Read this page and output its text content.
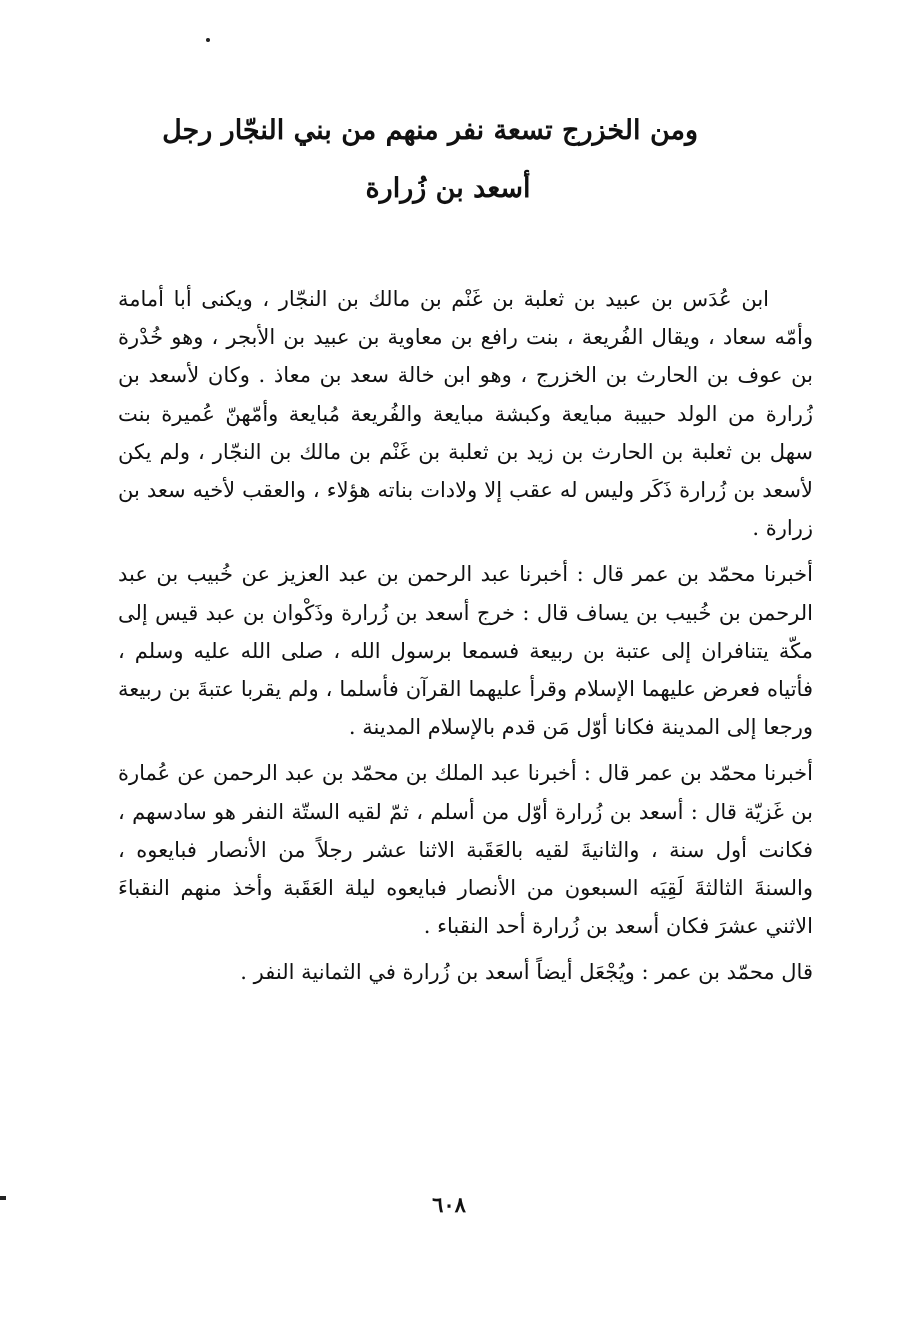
ومن الخزرج تسعة نفر منهم من بني النجّار رجل
أسعد بن زُرارة

ابن عُدَس بن عبيد بن ثعلبة بن غَنْم بن مالك بن النجّار ، ويكنى أبا أمامة وأمّه سعاد ، ويقال الفُريعة ، بنت رافع بن معاوية بن عبيد بن الأبجر ، وهو خُدْرة بن عوف بن الحارث بن الخزرج ، وهو ابن خالة سعد بن معاذ . وكان لأسعد بن زُرارة من الولد حبيبة مبايعة وكبشة مبايعة والفُريعة مُبايعة وأمّهنّ عُميرة بنت سهل بن ثعلبة بن الحارث بن زيد بن ثعلبة بن غَنْم بن مالك بن النجّار ، ولم يكن لأسعد بن زُرارة ذَكَر وليس له عقب إلا ولادات بناته هؤلاء ، والعقب لأخيه سعد بن زرارة .

أخبرنا محمّد بن عمر قال : أخبرنا عبد الرحمن بن عبد العزيز عن خُبيب بن عبد الرحمن بن خُبيب بن يساف قال : خرج أسعد بن زُرارة وذَكْوان بن عبد قيس إلى مكّة يتنافران إلى عتبة بن ربيعة فسمعا برسول الله ، صلى الله عليه وسلم ، فأتياه فعرض عليهما الإسلام وقرأ عليهما القرآن فأسلما ، ولم يقربا عتبةَ بن ربيعة ورجعا إلى المدينة فكانا أوّل مَن قدم بالإسلام المدينة .

أخبرنا محمّد بن عمر قال : أخبرنا عبد الملك بن محمّد بن عبد الرحمن عن عُمارة بن غَزيّة قال : أسعد بن زُرارة أوّل من أسلم ، ثمّ لقيه الستّة النفر هو سادسهم ، فكانت أول سنة ، والثانيةَ لقيه بالعَقَبة الاثنا عشر رجلاً من الأنصار فبايعوه ، والسنةَ الثالثةَ لَقِيَه السبعون من الأنصار فبايعوه ليلة العَقَبة وأخذ منهم النقباءَ الاثني عشرَ فكان أسعد بن زُرارة أحد النقباء .

قال محمّد بن عمر : ويُجْعَل أيضاً أسعد بن زُرارة في الثمانية النفر .

٦٠٨
